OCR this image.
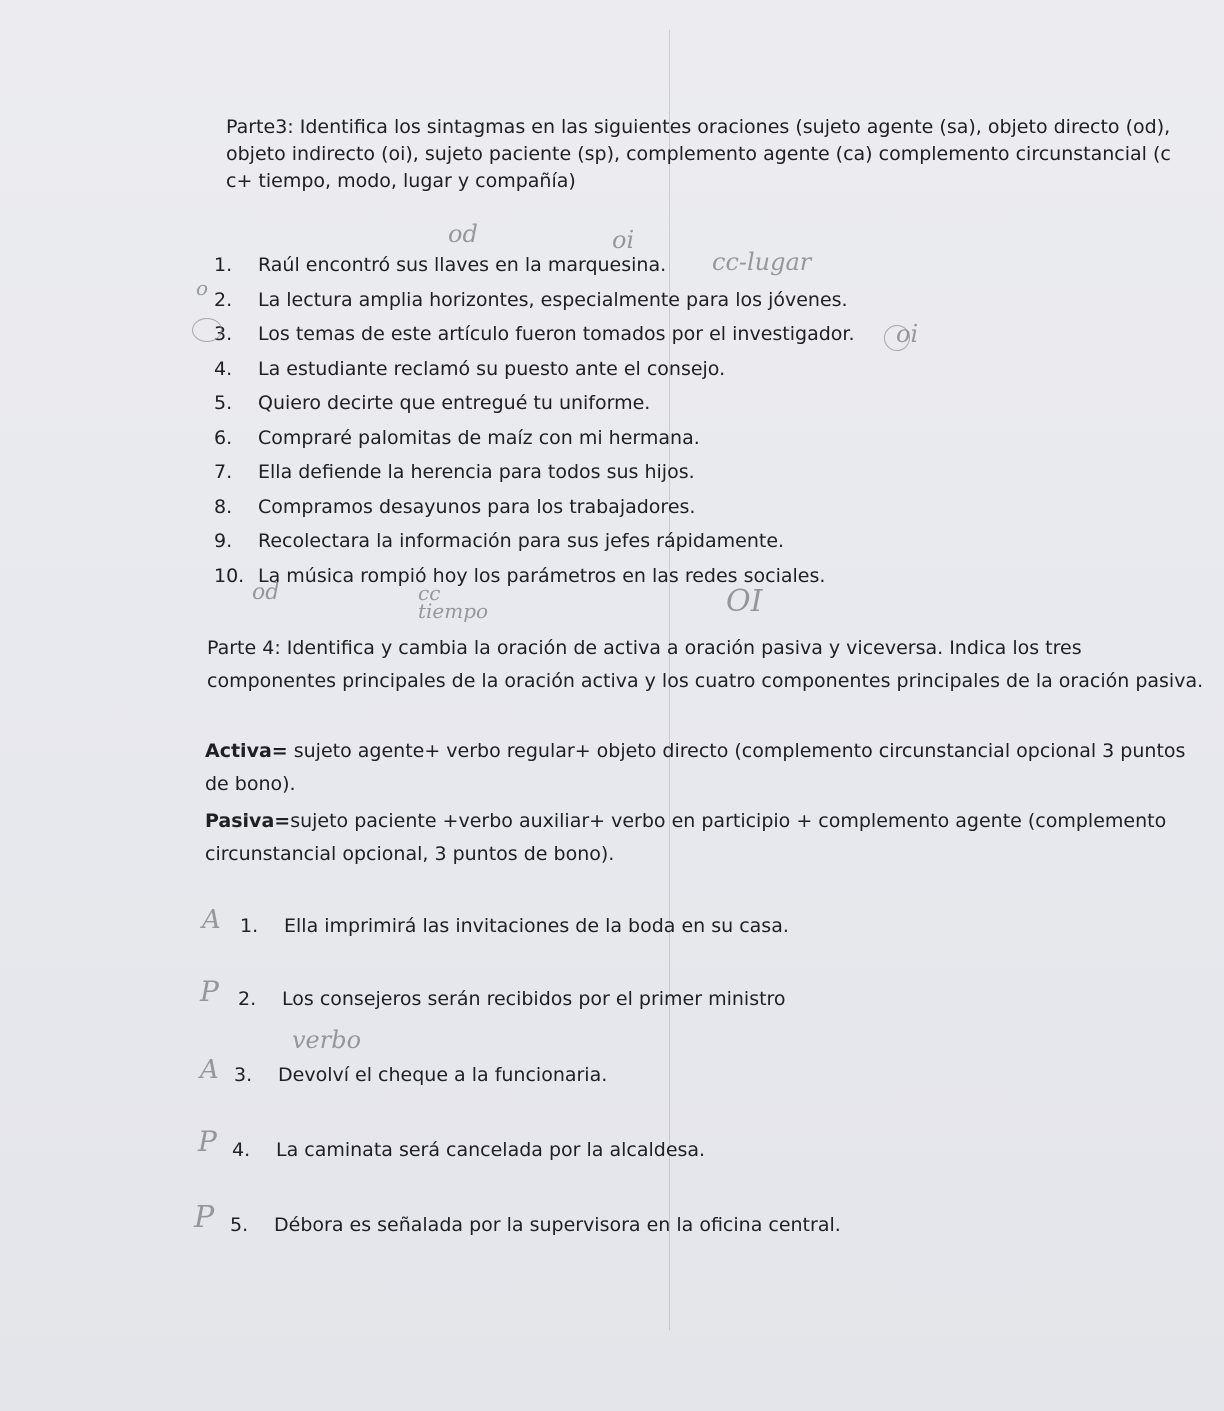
Parte3: Identifica los sintagmas en las siguientes oraciones (sujeto agente (sa), objeto directo (od), objeto indirecto (oi), sujeto paciente (sp), complemento agente (ca) complemento circunstancial (c c+ tiempo, modo, lugar y compañía)
1. Raúl encontró sus llaves en la marquesina.
2. La lectura amplia horizontes, especialmente para los jóvenes.
3. Los temas de este artículo fueron tomados por el investigador.
4. La estudiante reclamó su puesto ante el consejo.
5. Quiero decirte que entregué tu uniforme.
6. Compraré palomitas de maíz con mi hermana.
7. Ella defiende la herencia para todos sus hijos.
8. Compramos desayunos para los trabajadores.
9. Recolectara la información para sus jefes rápidamente.
10. La música rompió hoy los parámetros en las redes sociales.
Parte 4: Identifica y cambia la oración de activa a oración pasiva y viceversa. Indica los tres componentes principales de la oración activa y los cuatro componentes principales de la oración pasiva.
Activa= sujeto agente+ verbo regular+ objeto directo (complemento circunstancial opcional 3 puntos de bono).
Pasiva=sujeto paciente +verbo auxiliar+ verbo en participio + complemento agente (complemento circunstancial opcional, 3 puntos de bono).
1. Ella imprimirá las invitaciones de la boda en su casa.
2. Los consejeros serán recibidos por el primer ministro
3. Devolví el cheque a la funcionaria.
4. La caminata será cancelada por la alcaldesa.
5. Débora es señalada por la supervisora en la oficina central.
od	oi
cc-lugar
o
oi
od	cc tiempo	OI
verbo
A
P
A
P
P
